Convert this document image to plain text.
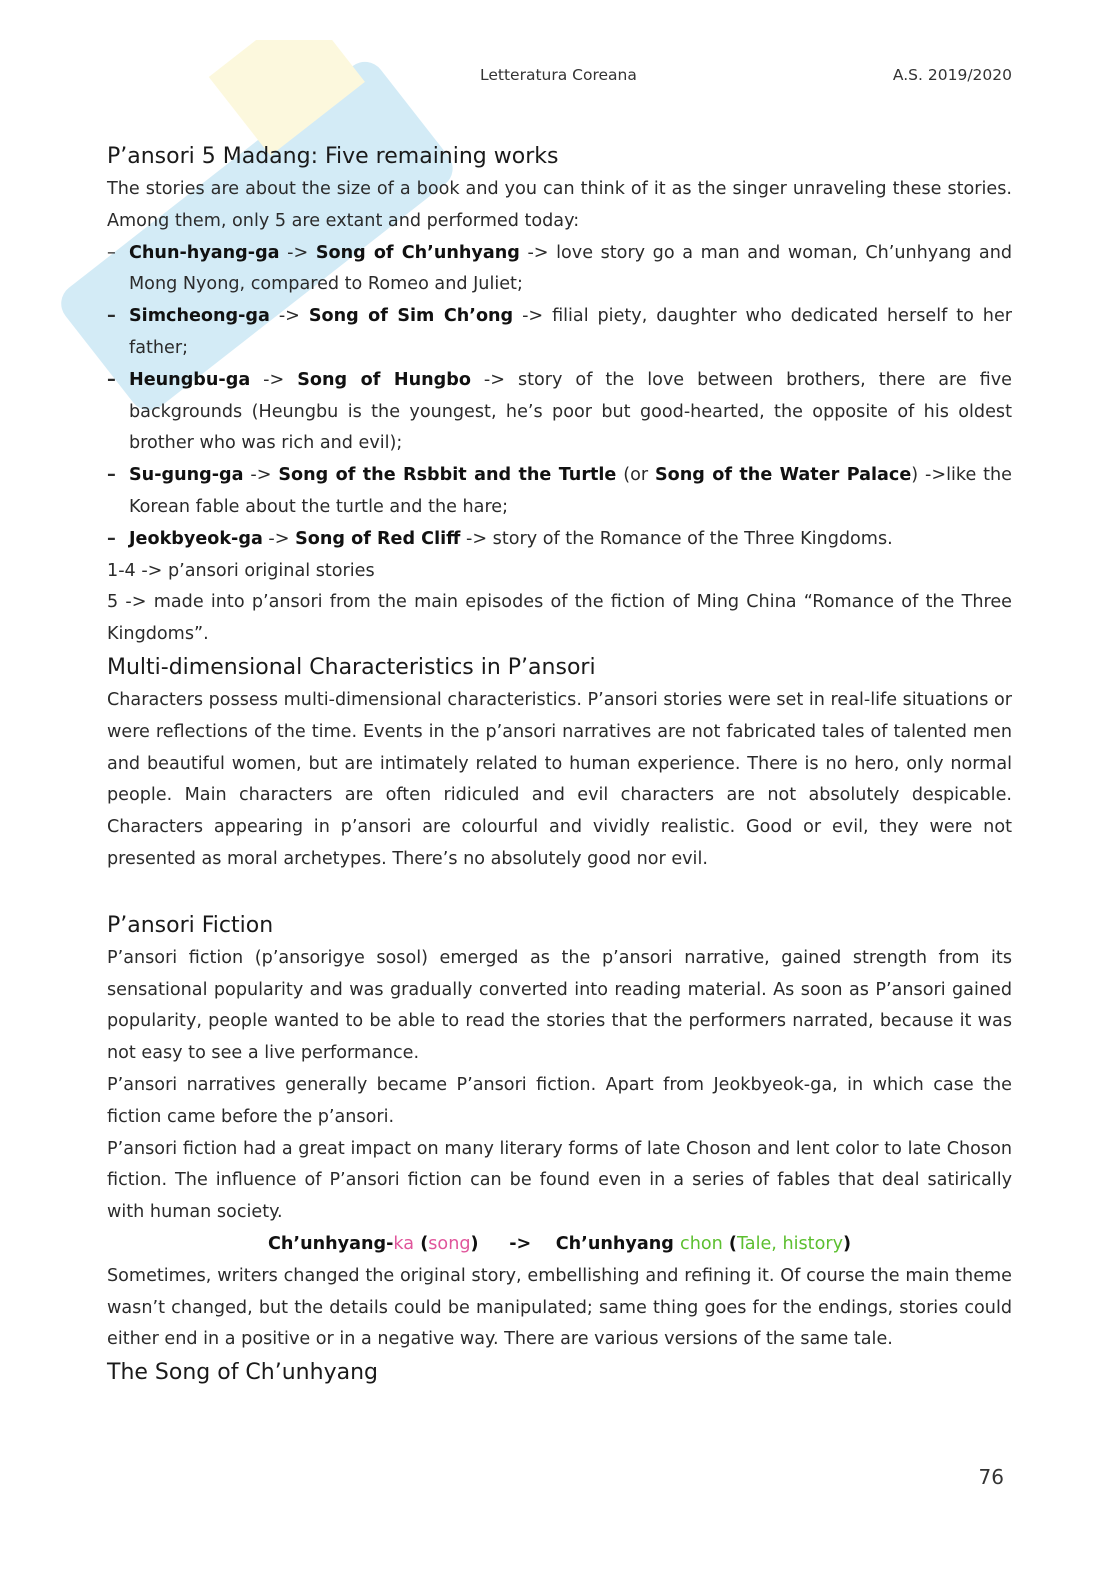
Letteratura Coreana	A.S. 2019/2020
P’ansori 5 Madang: Five remaining works

The stories are about the size of a book and you can think of it as the singer unraveling these stories. Among them, only 5 are extant and performed today:

– Chun-hyang-ga -> Song of Ch’unhyang -> love story go a man and woman, Ch’unhyang and Mong Nyong, compared to Romeo and Juliet;
– Simcheong-ga -> Song of Sim Ch’ong -> filial piety, daughter who dedicated herself to her father;
– Heungbu-ga -> Song of Hungbo -> story of the love between brothers, there are five backgrounds (Heungbu is the youngest, he’s poor but good-hearted, the opposite of his oldest brother who was rich and evil);
– Su-gung-ga -> Song of the Rsbbit and the Turtle (or Song of the Water Palace) ->like the Korean fable about the turtle and the hare;
– Jeokbyeok-ga -> Song of Red Cliff -> story of the Romance of the Three Kingdoms.

1-4 -> p’ansori original stories

5 -> made into p’ansori from the main episodes of the fiction of Ming China “Romance of the Three Kingdoms”.

Multi-dimensional Characteristics in P’ansori

Characters possess multi-dimensional characteristics. P’ansori stories were set in real-life situations or were reflections of the time. Events in the p’ansori narratives are not fabricated tales of talented men and beautiful women, but are intimately related to human experience. There is no hero, only normal people. Main characters are often ridiculed and evil characters are not absolutely despicable. Characters appearing in p’ansori are colourful and vividly realistic. Good or evil, they were not presented as moral archetypes. There’s no absolutely good nor evil.

P’ansori Fiction

P’ansori fiction (p’ansorigye sosol) emerged as the p’ansori narrative, gained strength from its sensational popularity and was gradually converted into reading material. As soon as P’ansori gained popularity, people wanted to be able to read the stories that the performers narrated, because it was not easy to see a live performance.

P’ansori narratives generally became P’ansori fiction. Apart from Jeokbyeok-ga, in which case the fiction came before the p’ansori.

P’ansori fiction had a great impact on many literary forms of late Choson and lent color to late Choson fiction. The influence of P’ansori fiction can be found even in a series of fables that deal satirically with human society.

Ch’unhyang-ka (song)     ->    Ch’unhyang chon (Tale, history)

Sometimes, writers changed the original story, embellishing and refining it. Of course the main theme wasn’t changed, but the details could be manipulated; same thing goes for the endings, stories could either end in a positive or in a negative way. There are various versions of the same tale.

The Song of Ch’unhyang
76
